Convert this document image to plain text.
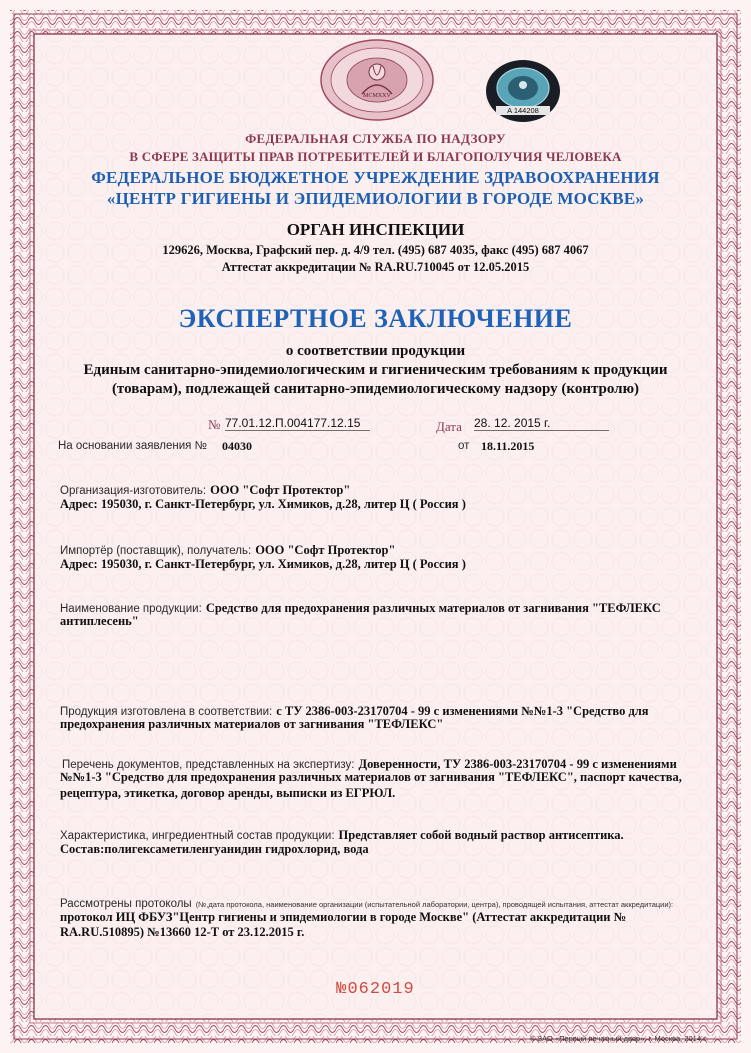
MCMXXV
A 144208
ФЕДЕРАЛЬНАЯ СЛУЖБА ПО НАДЗОРУ
В СФЕРЕ ЗАЩИТЫ ПРАВ ПОТРЕБИТЕЛЕЙ И БЛАГОПОЛУЧИЯ ЧЕЛОВЕКА
ФЕДЕРАЛЬНОЕ БЮДЖЕТНОЕ УЧРЕЖДЕНИЕ ЗДРАВООХРАНЕНИЯ
«ЦЕНТР ГИГИЕНЫ И ЭПИДЕМИОЛОГИИ В ГОРОДЕ МОСКВЕ»
ОРГАН ИНСПЕКЦИИ
129626, Москва, Графский пер. д. 4/9 тел. (495) 687 4035, факс (495) 687 4067
Аттестат аккредитации № RA.RU.710045 от 12.05.2015
ЭКСПЕРТНОЕ ЗАКЛЮЧЕНИЕ
о соответствии продукции
Единым санитарно-эпидемиологическим и гигиеническим требованиям к продукции
(товарам), подлежащей санитарно-эпидемиологическому надзору (контролю)
№ 77.01.12.П.004177.12.15	Дата 28. 12. 2015 г.
На основании заявления № 04030	от 18.11.2015
Организация-изготовитель: ООО "Софт Протектор"
Адрес: 195030, г. Санкт-Петербург, ул. Химиков, д.28, литер Ц ( Россия )
Импортёр (поставщик), получатель: ООО "Софт Протектор"
Адрес: 195030, г. Санкт-Петербург, ул. Химиков, д.28, литер Ц ( Россия )
Наименование продукции: Средство для предохранения различных материалов от загнивания "ТЕФЛЕКС
антиплесень"
Продукция изготовлена в соответствии: с ТУ 2386-003-23170704 - 99 с изменениями №№1-3 "Средство для
предохранения различных материалов от загнивания "ТЕФЛЕКС"
Перечень документов, представленных на экспертизу: Доверенности, ТУ 2386-003-23170704 - 99 с изменениями
№№1-3 "Средство для предохранения различных материалов от загнивания "ТЕФЛЕКС", паспорт качества,
рецептура, этикетка, договор аренды, выписки из ЕГРЮЛ.
Характеристика, ингредиентный состав продукции: Представляет собой водный раствор антисептика.
Состав:полигексаметиленгуанидин гидрохлорид, вода
Рассмотрены протоколы (№,дата протокола, наименование организации (испытательной лаборатории, центра), проводящей испытания, аттестат аккредитации):
протокол ИЦ ФБУЗ"Центр гигиены и эпидемиологии в городе Москве" (Аттестат аккредитации №
RA.RU.510895) №13660 12-Т от 23.12.2015 г.
№062019
© ЗАО «Первый печатный двор», г. Москва, 2014 г.
